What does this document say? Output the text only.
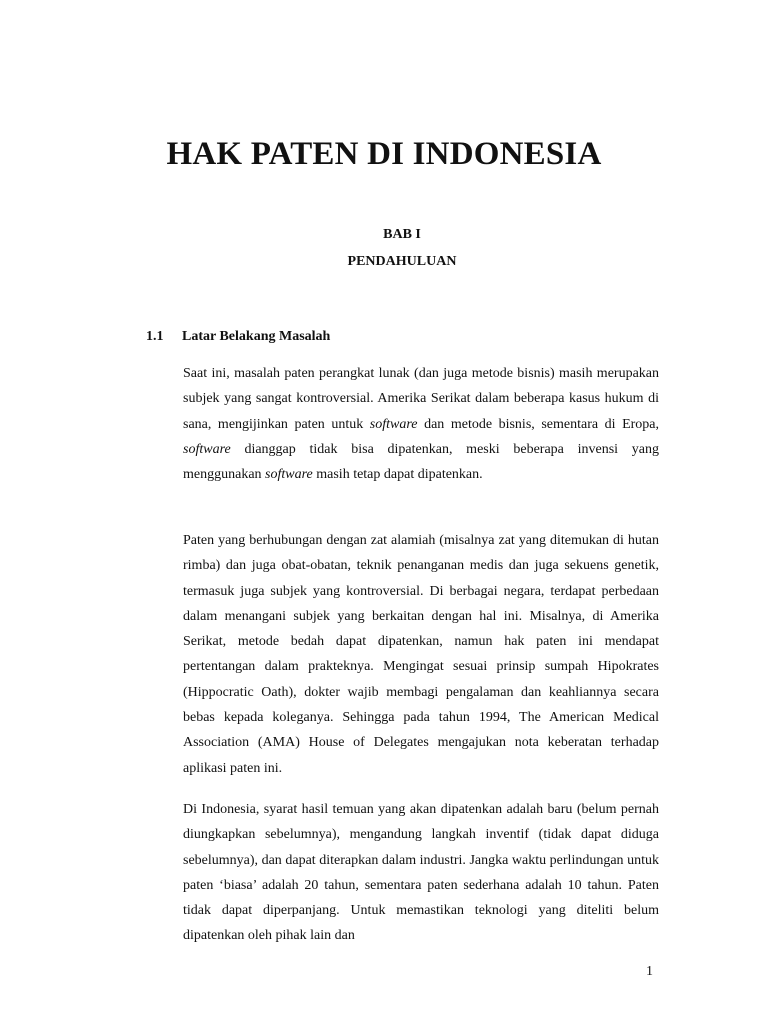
HAK PATEN DI INDONESIA

BAB I

PENDAHULUAN

1.1 Latar Belakang Masalah

Saat ini, masalah paten perangkat lunak (dan juga metode bisnis) masih merupakan subjek yang sangat kontroversial. Amerika Serikat dalam beberapa kasus hukum di sana, mengijinkan paten untuk software dan metode bisnis, sementara di Eropa, software dianggap tidak bisa dipatenkan, meski beberapa invensi yang menggunakan software masih tetap dapat dipatenkan.

Paten yang berhubungan dengan zat alamiah (misalnya zat yang ditemukan di hutan rimba) dan juga obat-obatan, teknik penanganan medis dan juga sekuens genetik, termasuk juga subjek yang kontroversial. Di berbagai negara, terdapat perbedaan dalam menangani subjek yang berkaitan dengan hal ini. Misalnya, di Amerika Serikat, metode bedah dapat dipatenkan, namun hak paten ini mendapat pertentangan dalam prakteknya. Mengingat sesuai prinsip sumpah Hipokrates (Hippocratic Oath), dokter wajib membagi pengalaman dan keahliannya secara bebas kepada koleganya. Sehingga pada tahun 1994, The American Medical Association (AMA) House of Delegates mengajukan nota keberatan terhadap aplikasi paten ini.

Di Indonesia, syarat hasil temuan yang akan dipatenkan adalah baru (belum pernah diungkapkan sebelumnya), mengandung langkah inventif (tidak dapat diduga sebelumnya), dan dapat diterapkan dalam industri. Jangka waktu perlindungan untuk paten ‘biasa’ adalah 20 tahun, sementara paten sederhana adalah 10 tahun. Paten tidak dapat diperpanjang. Untuk memastikan teknologi yang diteliti belum dipatenkan oleh pihak lain dan

1
